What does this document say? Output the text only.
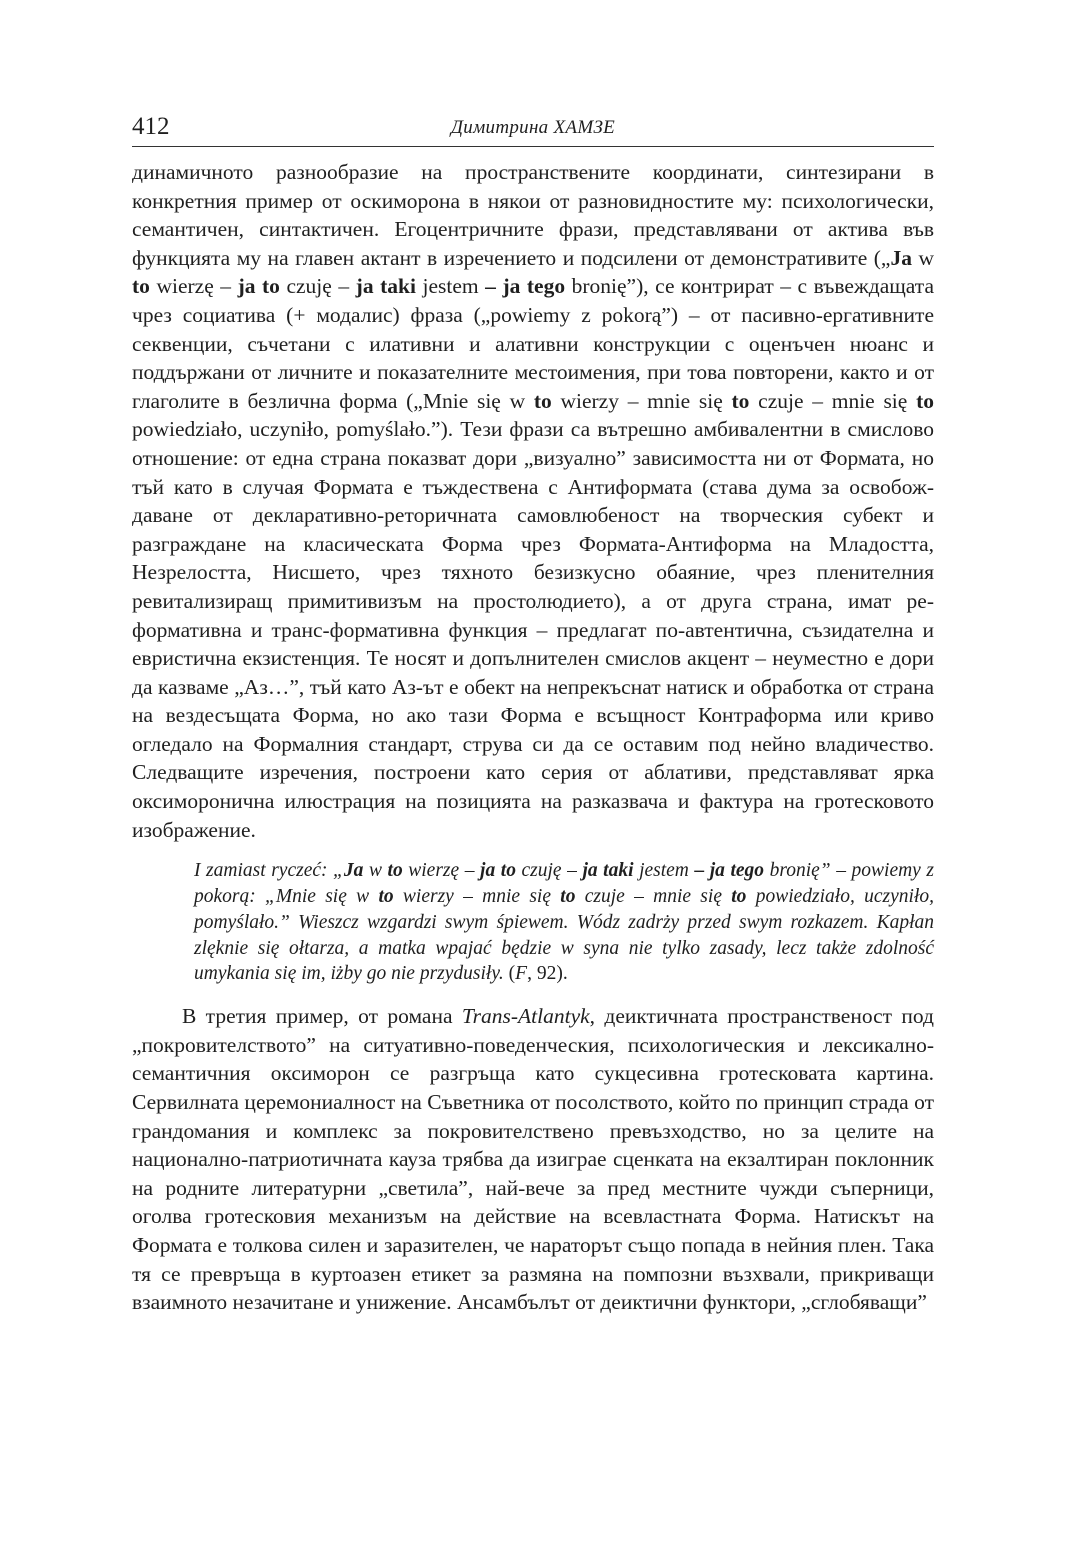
412	Димитрина ХАМЗЕ

динамичното разнообразие на пространствените координати, синтезирани в конкретния пример от оскиморона в някои от разновидностите му: психологически, семантичен, синтактичен. Егоцентричните фрази, представлявани от актива във функцията му на главен актант в изречението и подсилени от демонстративите („Ja w to wierzę – ja to czuję – ja taki jestem – ja tego bronię”), се контрират – с въвеждащата чрез социатива (+ модалис) фраза („powiemy z pokorą”) – от пасивно-ергативните секвенции, съчетани с илативни и алативни конструкции с оценъчен нюанс и поддържани от личните и показателните местоимения, при това повторени, както и от глаголите в безлична форма („Mnie się w to wierzy – mnie się to czuje – mnie się to powiedziało, uczyniło, pomyślało.”). Тези фрази са вътрешно амбивалентни в смислово отношение: от една страна показват дори „визуално” зависимостта ни от Формата, но тъй като в случая Формата е тъждествена с Антиформата (става дума за освобождаване от декларативно-реторичната самовлюбеност на творческия субект и разграждане на класическата Форма чрез Формата-Антиформа на Младостта, Незрелостта, Нисшето, чрез тяхното безизкусно обаяние, чрез пленителния ревитализиращ примитивизъм на простолюдието), а от друга страна, имат реформативна и транс-формативна функция – предлагат по-автентична, съзидателна и евристична екзистенция. Те носят и допълнителен смислов акцент – неуместно е дори да казваме „Аз…”, тъй като Аз-ът е обект на непрекъснат натиск и обработка от страна на вездесъщата Форма, но ако тази Форма е всъщност Контраформа или криво огледало на Формалния стандарт, струва си да се оставим под нейно владичество. Следващите изречения, построени като серия от аблативи, представляват ярка оксиморонична илюстрация на позицията на разказвача и фактура на гротесковото изображение.

I zamiast ryczeć: „Ja w to wierzę – ja to czuję – ja taki jestem – ja tego bronię” – powiemy z pokorą: „Mnie się w to wierzy – mnie się to czuje – mnie się to powiedziało, uczyniło, pomyślało.” Wieszcz wzgardzi swym śpiewem. Wódz zadrży przed swym rozkazem. Kapłan zlęknie się ołtarza, a matka wpajać będzie w syna nie tylko zasady, lecz także zdolność umykania się im, iżby go nie przydusiły. (F, 92).

В третия пример, от романа Trans-Atlantyk, деиктичната пространственост под „покровителството” на ситуативно-поведенческия, психологическия и лексикално-семантичния оксиморон се разгръща като сукцесивна гротесковата картина. Сервилната церемониалност на Съветника от посолството, който по принцип страда от грандомания и комплекс за покровителствено превъзходство, но за целите на национално-патриотичната кауза трябва да изиграе сценката на екзалтиран поклонник на родните литературни „светила”, най-вече за пред местните чужди съперници, оголва гротесковия механизъм на действие на всевластната Форма. Натискът на Формата е толкова силен и заразителен, че нараторът също попада в нейния плен. Така тя се превръща в куртоазен етикет за размяна на помпозни възхвали, прикриващи взаимното незачитане и унижение. Ансамбълът от деиктични функтори, „сглобяващи”
